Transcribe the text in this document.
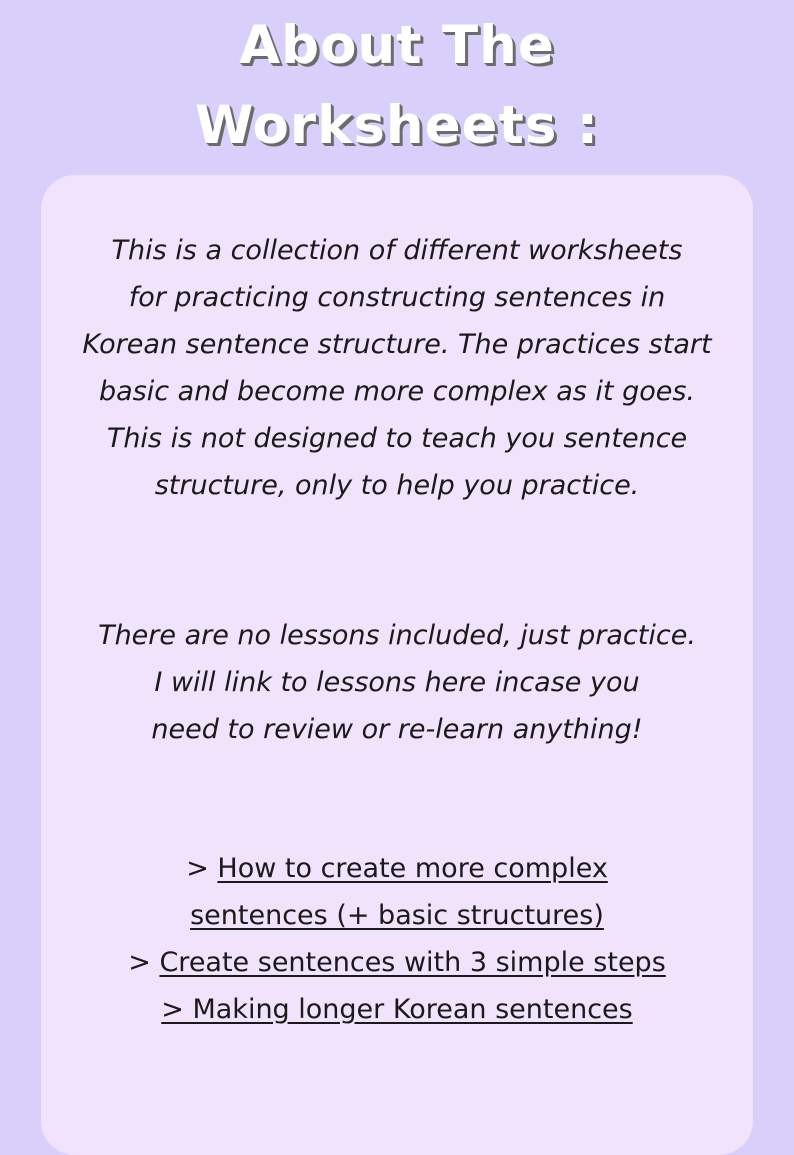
About The
Worksheets :

This is a collection of different worksheets
for practicing constructing sentences in
Korean sentence structure. The practices start
basic and become more complex as it goes.
This is not designed to teach you sentence
structure, only to help you practice.

There are no lessons included, just practice.
I will link to lessons here incase you
need to review or re-learn anything!

> How to create more complex
sentences (+ basic structures)
> Create sentences with 3 simple steps
> Making longer Korean sentences
